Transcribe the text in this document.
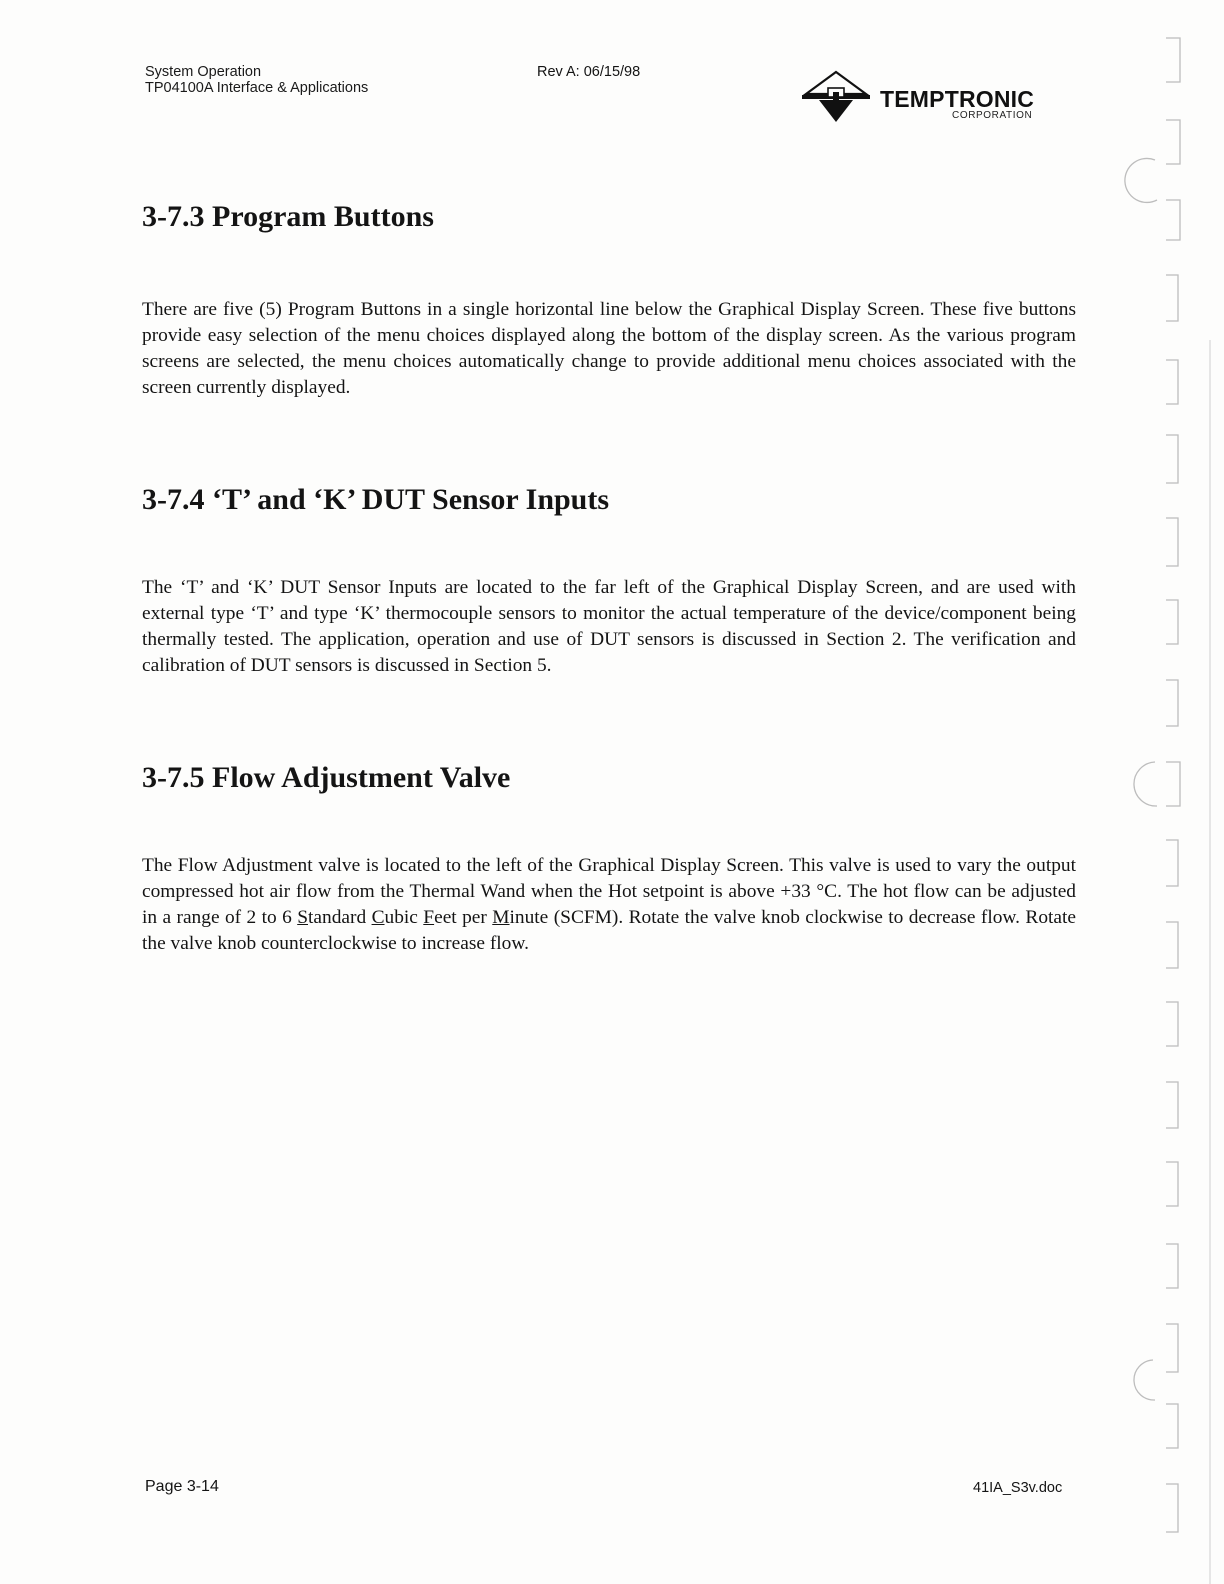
System Operation
TP04100A Interface & Applications
Rev A: 06/15/98
TEMPTRONIC
CORPORATION
3-7.3 Program Buttons

There are five (5) Program Buttons in a single horizontal line below the Graphical Display Screen. These five buttons provide easy selection of the menu choices displayed along the bottom of the display screen. As the various program screens are selected, the menu choices automatically change to provide additional menu choices associated with the screen currently displayed.

3-7.4 ‘T’ and ‘K’ DUT Sensor Inputs

The ‘T’ and ‘K’ DUT Sensor Inputs are located to the far left of the Graphical Display Screen, and are used with external type ‘T’ and type ‘K’ thermocouple sensors to monitor the actual temperature of the device/component being thermally tested. The application, operation and use of DUT sensors is discussed in Section 2. The verification and calibration of DUT sensors is discussed in Section 5.

3-7.5 Flow Adjustment Valve

The Flow Adjustment valve is located to the left of the Graphical Display Screen. This valve is used to vary the output compressed hot air flow from the Thermal Wand when the Hot setpoint is above +33 °C. The hot flow can be adjusted in a range of 2 to 6 Standard Cubic Feet per Minute (SCFM). Rotate the valve knob clockwise to decrease flow. Rotate the valve knob counterclockwise to increase flow.

Page 3-14	41IA_S3v.doc
